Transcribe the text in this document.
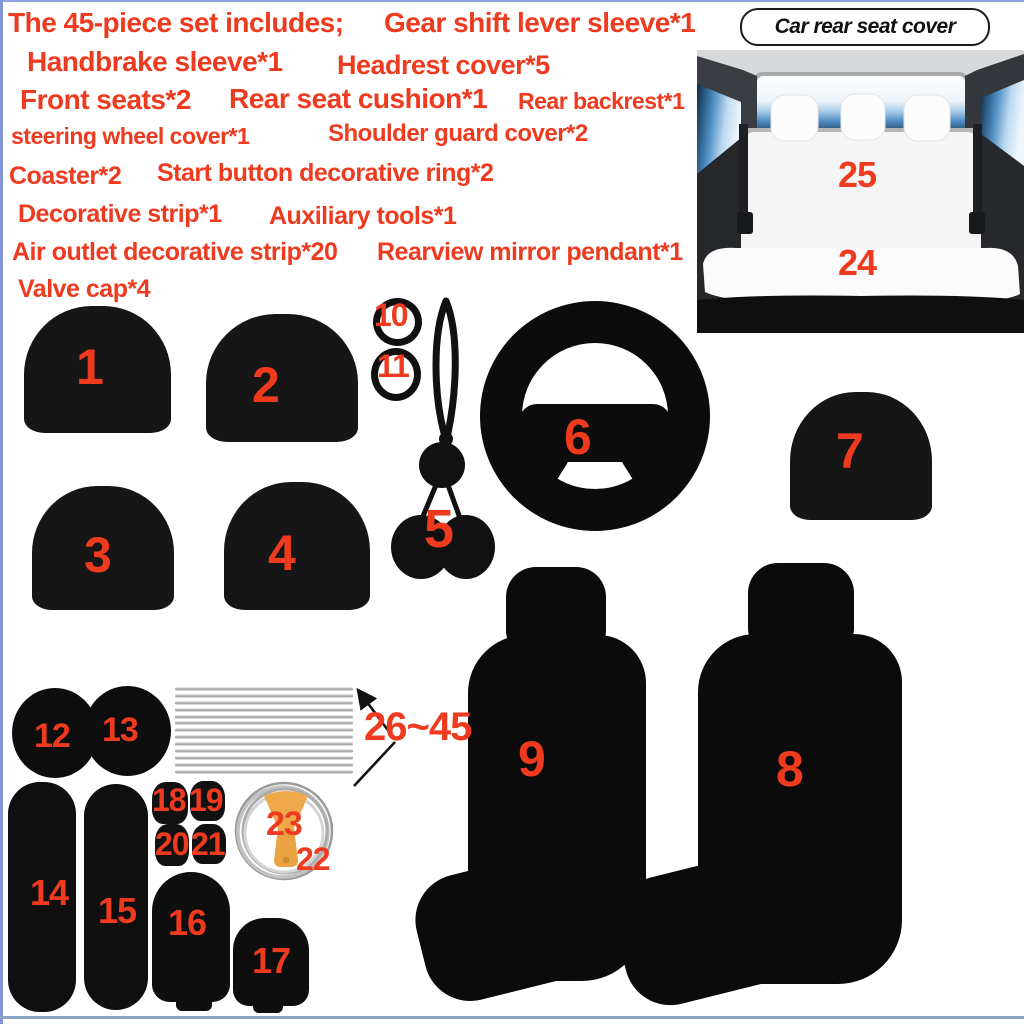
The 45-piece set includes; Gear shift lever sleeve*1
Handbrake sleeve*1 Headrest cover*5
Front seats*2 Rear seat cushion*1 Rear backrest*1
steering wheel cover*1	Shoulder guard cover*2
Coaster*2 Start button decorative ring*2
Decorative strip*1 Auxiliary tools*1
Air outlet decorative strip*20 Rearview mirror pendant*1
Valve cap*4
Car rear seat cover
1	2
3	4 5
6	7
8
9
10
11
12 13
14 15 16
17
18 19
20 21 22
23
24
25
26~45
